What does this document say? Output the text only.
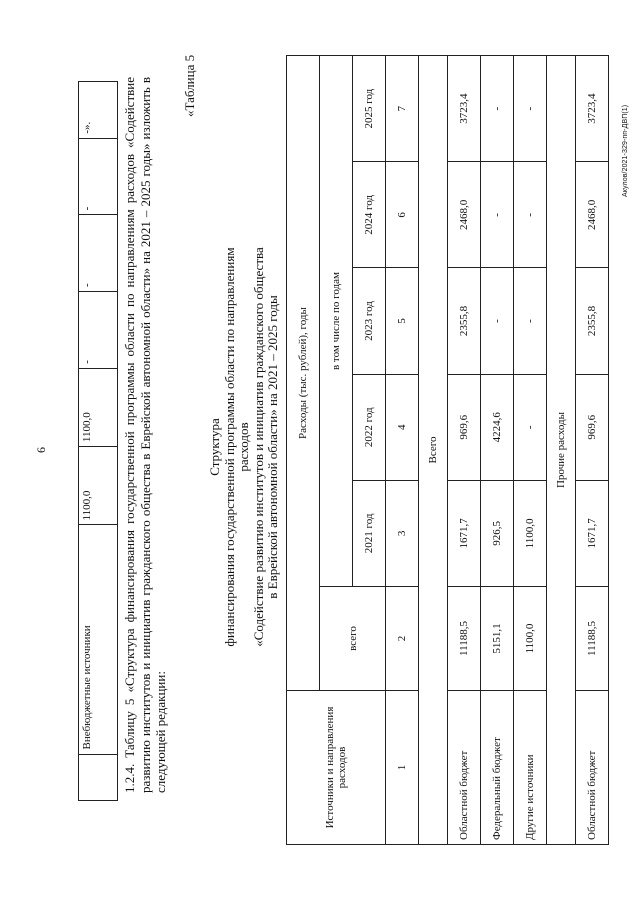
6
Акулов/2021-329-пп-ДВП(1)
	Внебюджетные источники	1100,0	1100,0	-	-	-	-». 1.2.4. Таблицу 5 «Структура финансирования государственной программы области по направлениям расходов «Содействие развитию институтов и инициатив гражданского общества в Еврейской автономной области» на 2021 – 2025 годы» изложить в следующей редакции:
«Таблица 5
Структура финансирования государственной программы области по направлениям расходов «Содействие развитию институтов и инициатив гражданского общества в Еврейской автономной области» на 2021 – 2025 годы
Источники и направления расходов	Расходы (тыс. рублей), годы					
	всего	в том числе по годам				
		2021 год	2022 год	2023 год	2024 год	2025 год
1	2	3	4	5	6	7
Всего						
Областной бюджет	11188,5	1671,7	969,6	2355,8	2468,0	3723,4
Федеральный бюджет	5151,1	926,5	4224,6	-	-	-
Другие источники	1100,0	1100,0	-	-	-	-
Прочие расходы						
Областной бюджет	11188,5	1671,7	969,6	2355,8	2468,0	3723,4
